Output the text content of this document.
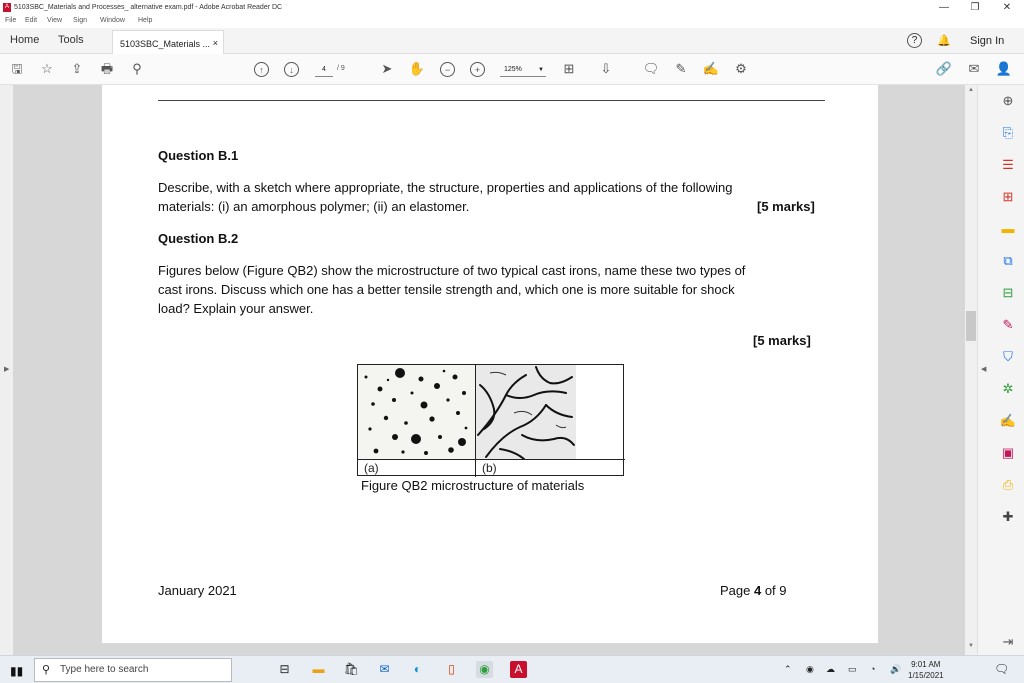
A 5103SBC_Materials and Processes_ alternative exam.pdf - Adobe Acrobat Reader DC	—	❐	✕
File Edit View Sign Window Help
Home Tools	5103SBC_Materials ... ×	?	🔔 Sign In
🖫 ☆ ⇪ 🖶	⚲	↑	↓	4	/ 9	➤ ✋	−	+	125%	▼ ⊞ ⇩ 🗨 ✎ ✍ ⚙	🔗 ✉ 👤
▶
Question B.1
Describe, with a sketch where appropriate, the structure, properties and applications of the following
materials: (i) an amorphous polymer; (ii) an elastomer.	[5 marks]
Question B.2
Figures below (Figure QB2) show the microstructure of two typical cast irons, name these two types of
cast irons. Discuss which one has a better tensile strength and, which one is more suitable for shock
load? Explain your answer.
[5 marks]
(a)	(b)
Figure QB2 microstructure of materials
January 2021	Page 4 of 9
▲
▼
◀
⊕
⎘
☰
⊞
▬
⧉
⊟
✎
⛉
✲
✍
▣
⎙
✚
⇥
▮▮ ⚲ Type here to search	⊟ ▬ 🛍 ✉	◐	▯	◉	A	⌃ ◉ ☁ ▭ ◔ 🔊	9:01 AM
1/15/2021	🗨
